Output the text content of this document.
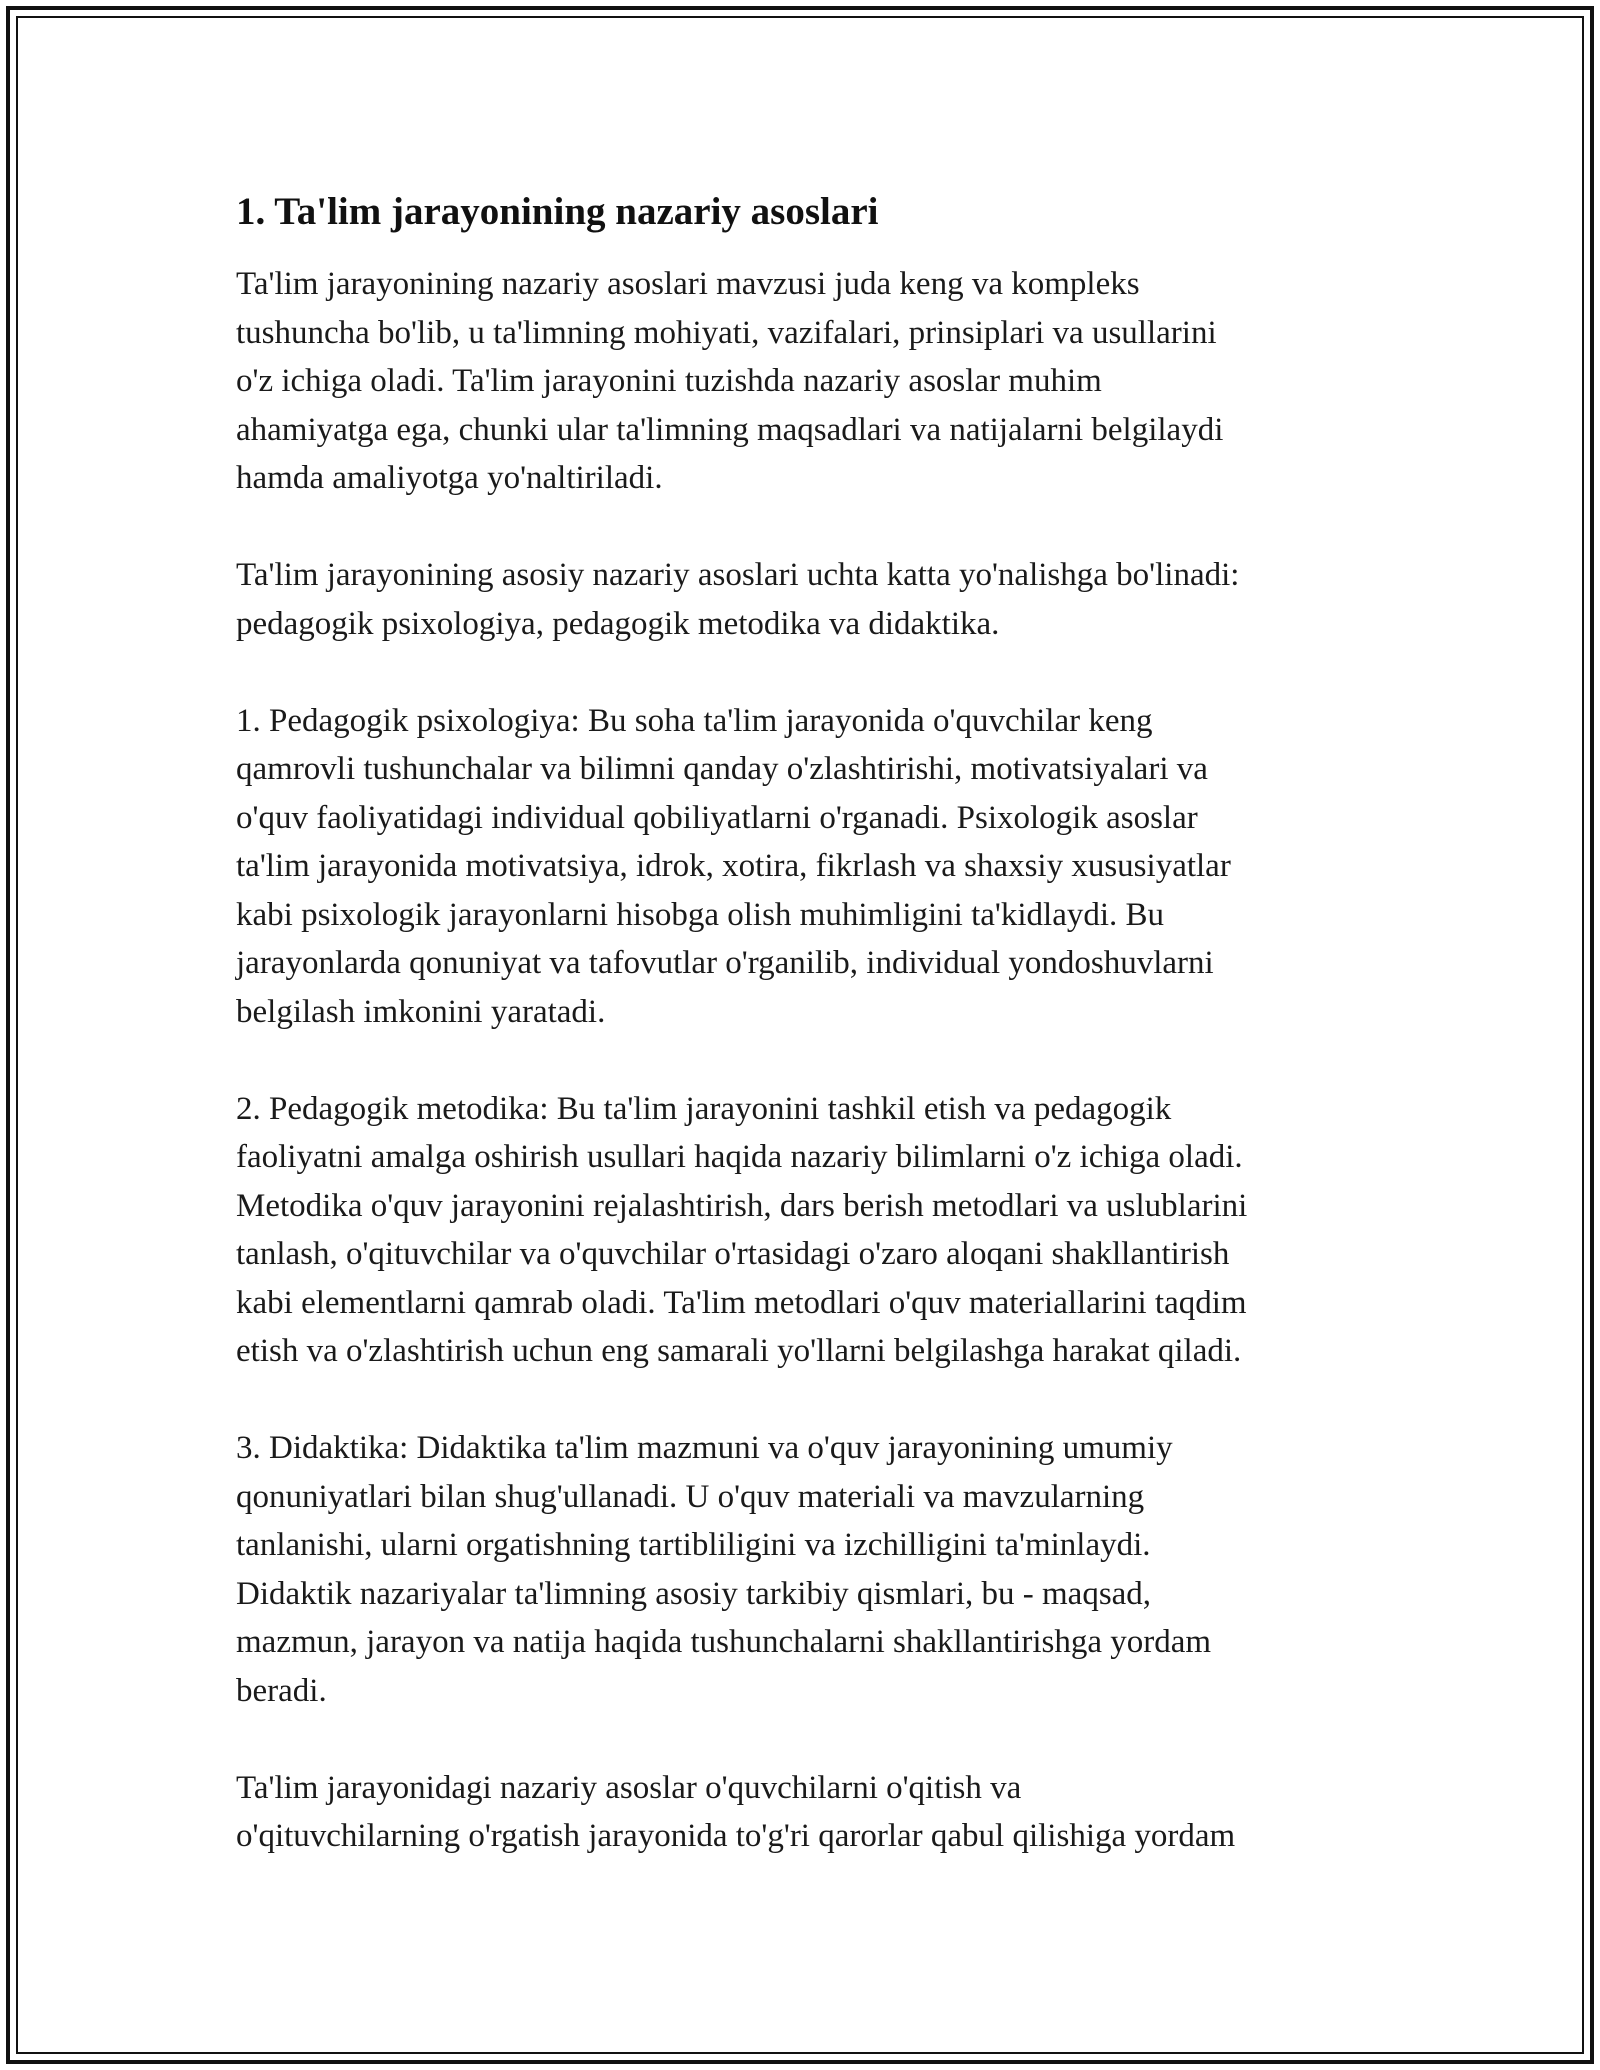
1. Ta'lim jarayonining nazariy asoslari

Ta'lim jarayonining nazariy asoslari mavzusi juda keng va kompleks
tushuncha bo'lib, u ta'limning mohiyati, vazifalari, prinsiplari va usullarini
o'z ichiga oladi. Ta'lim jarayonini tuzishda nazariy asoslar muhim
ahamiyatga ega, chunki ular ta'limning maqsadlari va natijalarni belgilaydi
hamda amaliyotga yo'naltiriladi.

Ta'lim jarayonining asosiy nazariy asoslari uchta katta yo'nalishga bo'linadi:
pedagogik psixologiya, pedagogik metodika va didaktika.

1. Pedagogik psixologiya: Bu soha ta'lim jarayonida o'quvchilar keng
qamrovli tushunchalar va bilimni qanday o'zlashtirishi, motivatsiyalari va
o'quv faoliyatidagi individual qobiliyatlarni o'rganadi. Psixologik asoslar
ta'lim jarayonida motivatsiya, idrok, xotira, fikrlash va shaxsiy xususiyatlar
kabi psixologik jarayonlarni hisobga olish muhimligini ta'kidlaydi. Bu
jarayonlarda qonuniyat va tafovutlar o'rganilib, individual yondoshuvlarni
belgilash imkonini yaratadi.

2. Pedagogik metodika: Bu ta'lim jarayonini tashkil etish va pedagogik
faoliyatni amalga oshirish usullari haqida nazariy bilimlarni o'z ichiga oladi.
Metodika o'quv jarayonini rejalashtirish, dars berish metodlari va uslublarini
tanlash, o'qituvchilar va o'quvchilar o'rtasidagi o'zaro aloqani shakllantirish
kabi elementlarni qamrab oladi. Ta'lim metodlari o'quv materiallarini taqdim
etish va o'zlashtirish uchun eng samarali yo'llarni belgilashga harakat qiladi.

3. Didaktika: Didaktika ta'lim mazmuni va o'quv jarayonining umumiy
qonuniyatlari bilan shug'ullanadi. U o'quv materiali va mavzularning
tanlanishi, ularni orgatishning tartibliligini va izchilligini ta'minlaydi.
Didaktik nazariyalar ta'limning asosiy tarkibiy qismlari, bu - maqsad,
mazmun, jarayon va natija haqida tushunchalarni shakllantirishga yordam
beradi.

Ta'lim jarayonidagi nazariy asoslar o'quvchilarni o'qitish va
o'qituvchilarning o'rgatish jarayonida to'g'ri qarorlar qabul qilishiga yordam
